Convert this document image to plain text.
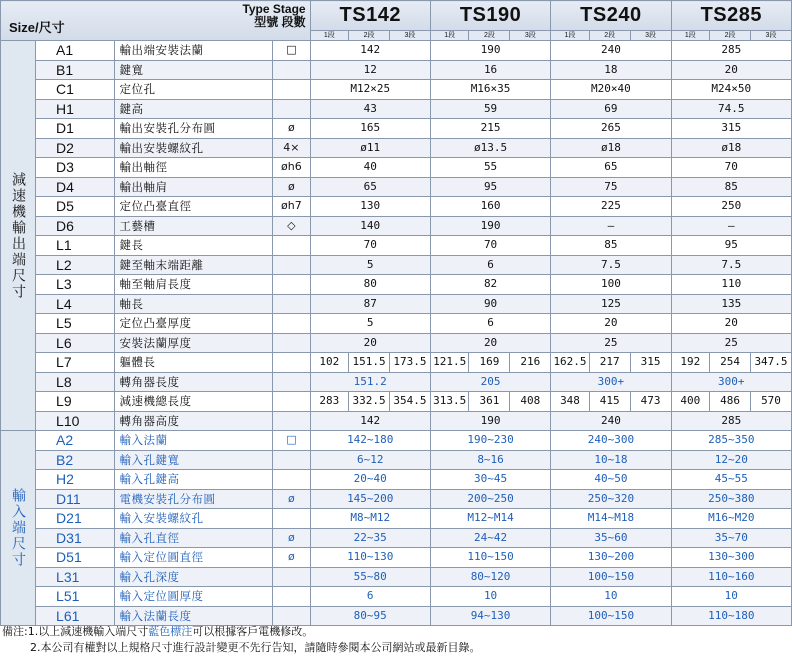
Size/尺寸
Type Stage
型號 段數				TS142			TS190			TS240			TS285		
				1段	2段	3段	1段	2段	3段	1段	2段	3段	1段	2段	3段
減速機輸出端尺寸	A1	輸出端安裝法蘭	□	142			190			240			285		
	B1	鍵寬		12			16			18			20		
	C1	定位孔		M12×25			M16×35			M20×40			M24×50		
	H1	鍵高		43			59			69			74.5		
	D1	輸出安裝孔分布圓	ø	165			215			265			315		
	D2	輸出安裝螺紋孔	4×	ø11			ø13.5			ø18			ø18		
	D3	輸出軸徑	øh6	40			55			65			70		
	D4	輸出軸肩	ø	65			95			75			85		
	D5	定位凸臺直徑	øh7	130			160			225			250		
	D6	工藝槽	◇	140			190			–			–		
	L1	鍵長		70			70			85			95		
	L2	鍵至軸末端距離		5			6			7.5			7.5		
	L3	軸至軸肩長度		80			82			100			110		
	L4	軸長		87			90			125			135		
	L5	定位凸臺厚度		5			6			20			20		
	L6	安裝法蘭厚度		20			20			25			25		
	L7	軀體長		102	151.5	173.5	121.5	169	216	162.5	217	315	192	254	347.5
	L8	轉角器長度		151.2			205			300+			300+		
	L9	減速機總長度		283	332.5	354.5	313.5	361	408	348	415	473	400	486	570
	L10	轉角器高度		142			190			240			285		
輸入端尺寸	A2	輸入法蘭	□	142~180			190~230			240~300			285~350		
	B2	輸入孔鍵寬		6~12			8~16			10~18			12~20		
	H2	輸入孔鍵高		20~40			30~45			40~50			45~55		
	D11	電機安裝孔分布圓	ø	145~200			200~250			250~320			250~380		
	D21	輸入安裝螺紋孔		M8~M12			M12~M14			M14~M18			M16~M20		
	D31	輸入孔直徑	ø	22~35			24~42			35~60			35~70		
	D51	輸入定位圓直徑	ø	110~130			110~150			130~200			130~300		
	L31	輸入孔深度		55~80			80~120			100~150			110~160		
	L51	輸入定位圓厚度		6			10			10			10		
	L61	輸入法蘭長度		80~95			94~130			100~150			110~180		
備注:1.以上減速機輸入端尺寸藍色標注可以根據客戶電機修改。
2.本公司有權對以上規格尺寸進行設計變更不先行告知，請隨時參閱本公司網站或最新目錄。
